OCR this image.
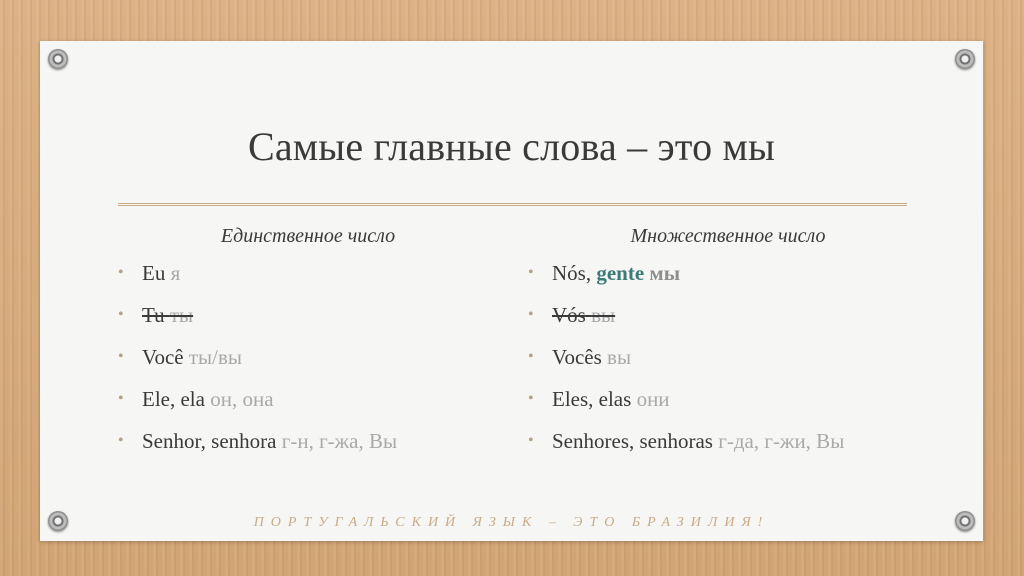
Самые главные слова – это мы
Единственное число
• Eu я
• Tu ты
• Você ты/вы
• Ele, ela он, она
• Senhor, senhora г-н, г-жа, Вы
Множественное число
• Nós, gente мы
• Vós вы
• Vocês вы
• Eles, elas они
• Senhores, senhoras г-да, г-жи, Вы
ПОРТУГАЛЬСКИЙ ЯЗЫК – ЭТО БРАЗИЛИЯ!
